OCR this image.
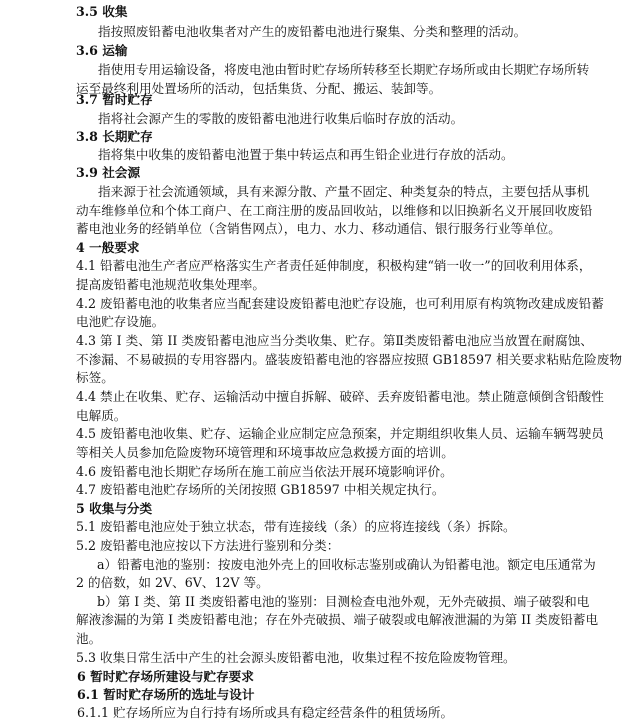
3.5 收集
指按照废铅蓄电池收集者对产生的废铅蓄电池进行聚集、分类和整理的活动。
3.6 运输
指使用专用运输设备，将废电池由暂时贮存场所转移至长期贮存场所或由长期贮存场所转
运至最终利用处置场所的活动，包括集货、分配、搬运、装卸等。
3.7 暂时贮存
指将社会源产生的零散的废铅蓄电池进行收集后临时存放的活动。
3.8 长期贮存
指将集中收集的废铅蓄电池置于集中转运点和再生铅企业进行存放的活动。
3.9 社会源
指来源于社会流通领域，具有来源分散、产量不固定、种类复杂的特点，主要包括从事机
动车维修单位和个体工商户、在工商注册的废品回收站，以维修和以旧换新名义开展回收废铅
蓄电池业务的经销单位（含销售网点），电力、水力、移动通信、银行服务行业等单位。
4 一般要求
4.1 铅蓄电池生产者应严格落实生产者责任延伸制度，积极构建“销一收一”的回收利用体系，
提高废铅蓄电池规范收集处理率。
4.2 废铅蓄电池的收集者应当配套建设废铅蓄电池贮存设施，也可利用原有构筑物改建成废铅蓄
电池贮存设施。
4.3 第 I 类、第 II 类废铅蓄电池应当分类收集、贮存。第Ⅱ类废铅蓄电池应当放置在耐腐蚀、
不渗漏、不易破损的专用容器内。盛装废铅蓄电池的容器应按照 GB18597 相关要求粘贴危险废物
标签。
4.4 禁止在收集、贮存、运输活动中擅自拆解、破碎、丢弃废铅蓄电池。禁止随意倾倒含铅酸性
电解质。
4.5 废铅蓄电池收集、贮存、运输企业应制定应急预案，并定期组织收集人员、运输车辆驾驶员
等相关人员参加危险废物环境管理和环境事故应急救援方面的培训。
4.6 废铅蓄电池长期贮存场所在施工前应当依法开展环境影响评价。
4.7 废铅蓄电池贮存场所的关闭按照 GB18597 中相关规定执行。
5 收集与分类
5.1 废铅蓄电池应处于独立状态，带有连接线（条）的应将连接线（条）拆除。
5.2 废铅蓄电池应按以下方法进行鉴别和分类：
a）铅蓄电池的鉴别：按废电池外壳上的回收标志鉴别或确认为铅蓄电池。额定电压通常为
2 的倍数，如 2V、6V、12V 等。
b）第 I 类、第 II 类废铅蓄电池的鉴别：目测检查电池外观，无外壳破损、端子破裂和电
解液渗漏的为第 I 类废铅蓄电池；存在外壳破损、端子破裂或电解液泄漏的为第 II 类废铅蓄电
池。
5.3 收集日常生活中产生的社会源头废铅蓄电池，收集过程不按危险废物管理。
6 暂时贮存场所建设与贮存要求
6.1 暂时贮存场所的选址与设计
6.1.1 贮存场所应为自行持有场所或具有稳定经营条件的租赁场所。
